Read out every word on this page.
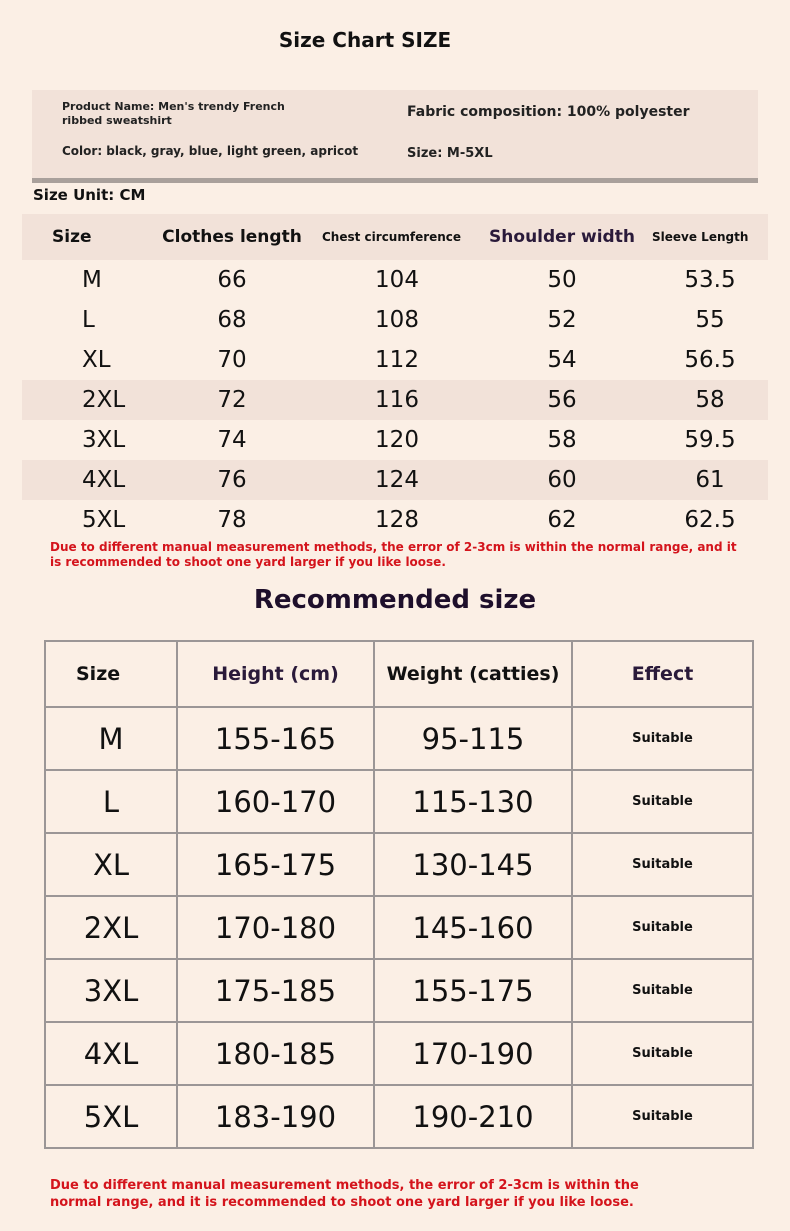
Size Chart SIZE
Product Name: Men's trendy French ribbed sweatshirt
Color: black, gray, blue, light green, apricot
Fabric composition: 100% polyester
Size: M-5XL
Size Unit: CM
Size	Clothes length	Chest circumference	Shoulder width	Sleeve Length
M	66	104	50	53.5
L	68	108	52	55
XL	70	112	54	56.5
2XL	72	116	56	58
3XL	74	120	58	59.5
4XL	76	124	60	61
5XL	78	128	62	62.5
Due to different manual measurement methods, the error of 2-3cm is within the normal range, and it is recommended to shoot one yard larger if you like loose.
Recommended size
Size	Height (cm)	Weight (catties)	Effect
M	155-165	95-115	Suitable
L	160-170	115-130	Suitable
XL	165-175	130-145	Suitable
2XL	170-180	145-160	Suitable
3XL	175-185	155-175	Suitable
4XL	180-185	170-190	Suitable
5XL	183-190	190-210	Suitable
Due to different manual measurement methods, the error of 2-3cm is within the normal range, and it is recommended to shoot one yard larger if you like loose.
